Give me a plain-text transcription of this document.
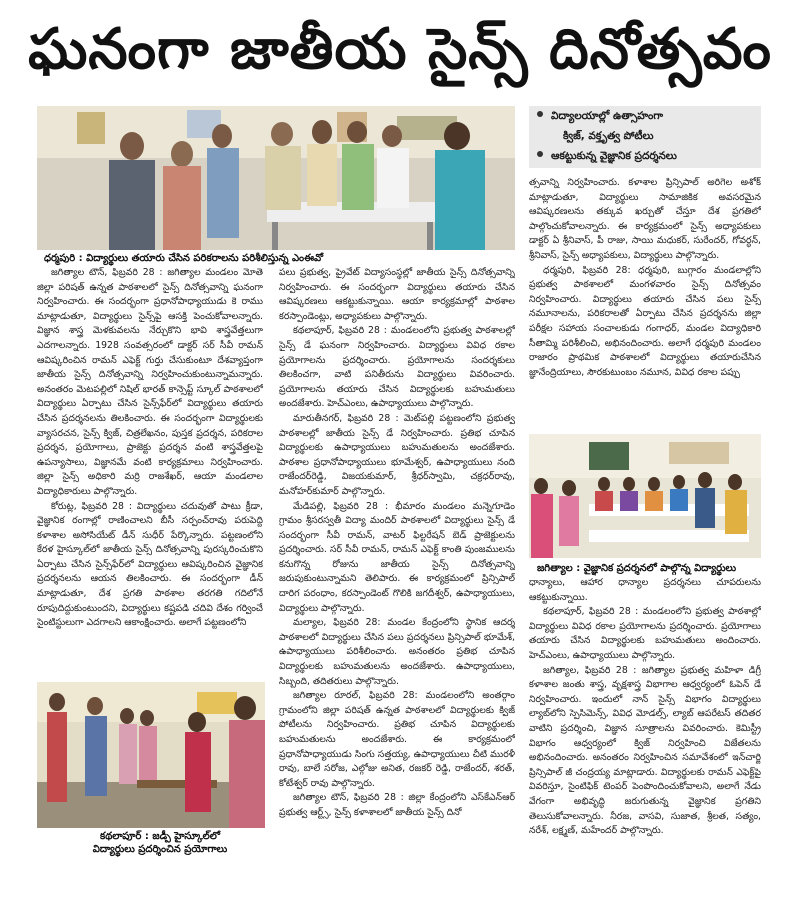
ఘనంగా జాతీయ సైన్స్ దినోత్సవం
ధర్మపురి : విద్యార్థులు తయారు చేసిన పరికరాలను పరిశీలిస్తున్న ఎంఈవో
విద్యాలయాల్లో ఉత్సాహంగా
క్విజ్, వక్తృత్వ పోటీలు
ఆకట్టుకున్న వైజ్ఞానిక ప్రదర్శనలు

జగిత్యాల టౌన్, ఫిబ్రవరి 28 : జగిత్యాల మండలం మోతె జిల్లా పరిషత్ ఉన్నత పాఠశాలలో సైన్స్ దినోత్సవాన్ని ఘనంగా నిర్వహించారు. ఈ సందర్భంగా ప్రధానోపాధ్యాయుడు కె రాము మాట్లాడుతూ, విద్యార్థులు సైన్స్‌పై ఆసక్తి పెంచుకోవాలన్నారు. విజ్ఞాన శాస్త్ర మెళకువలను నేర్చుకొని భావి శాస్త్రవేత్తలుగా ఎదగాలన్నారు. 1928 సంవత్సరంలో డాక్టర్ సర్ సీవీ రామన్ ఆవిష్కరించిన రామన్ ఎఫెక్ట్ గుర్తు చేసుకుంటూ దేశవ్యాప్తంగా జాతీయ సైన్స్ దినోత్సవాన్ని నిర్వహించుకుంటున్నామన్నారు. అనంతరం మెటపల్లిలో నిషిల్ భారత్ కాన్సెప్ట్ స్కూల్ పాఠశాలలో విద్యార్థులు ఏర్పాటు చేసిన సైన్స్‌ఫేర్‌లో విద్యార్థులు తయారు చేసిన ప్రదర్శనలను తిలకించారు. ఈ సందర్భంగా విద్యార్థులకు వ్యాసరచన, సైన్స్ క్విజ్, చిత్రలేఖనం, పుస్తక ప్రదర్శన, పరికరాల ప్రదర్శన, ప్రయోగాలు, ప్రాజెక్టు ప్రదర్శన వంటి శాస్త్రవేత్తలపై ఉపన్యాసాలు, విజ్ఞానమే వంటి కార్యక్రమాలు నిర్వహించారు. జిల్లా సైన్స్ అధికారి మర్రి రాజశేఖర్, ఆయా మండలాల విద్యాధికారులు పాల్గొన్నారు.

కోరుట్ల, ఫిబ్రవరి 28 : విద్యార్థులు చదువుతో పాటు క్రీడా, వైజ్ఞానిక రంగాల్లో రాణించాలని బీసీ సర్పంచ్‌రావు పరుపెద్ది కళాశాల అసోసియేట్ డీన్ సుధీర్ పేర్కొన్నారు. పట్టణంలోని కేరళ హైస్కూల్‌లో జాతీయ సైన్స్ దినోత్సవాన్ని పురస్కరించుకొని ఏర్పాటు చేసిన సైన్స్‌ఫేర్‌లో విద్యార్థులు ఆవిష్కరించిన వైజ్ఞానిక ప్రదర్శనలను ఆయన తిలకించారు. ఈ సందర్భంగా డీన్ మాట్లాడుతూ, దేశ ప్రగతి పాఠశాల తరగతి గదిలోనే రూపుదిద్దుకుంటుందని, విద్యార్థులు కష్టపడి చదివి దేశం గర్వించే సైంటిస్టులుగా ఎదగాలని ఆకాంక్షించారు. అలాగే పట్టణంలోని

కథలాపూర్ : జడ్పీ హైస్కూల్‌లో
విద్యార్థులు ప్రదర్శించిన ప్రయోగాలు

పలు ప్రభుత్వ, ప్రైవేట్ విద్యాసంస్థల్లో జాతీయ సైన్స్ దినోత్సవాన్ని నిర్వహించారు. ఈ సందర్భంగా విద్యార్థులు తయారు చేసిన ఆవిష్కరణలు ఆకట్టుకున్నాయి. ఆయా కార్యక్రమాల్లో పాఠశాల కరస్పాండెంట్లు, అధ్యాపకులు పాల్గొన్నారు.

కథలాపూర్, ఫిబ్రవరి 28 : మండలంలోని ప్రభుత్వ పాఠశాలల్లో సైన్స్ డే ఘనంగా నిర్వహించారు. విద్యార్థులు వివిధ రకాల ప్రయోగాలను ప్రదర్శించారు. ప్రయోగాలను సందర్శకులు తిలకించగా, వాటి పనితీరును విద్యార్థులు వివరించారు. ప్రయోగాలను తయారు చేసిన విద్యార్థులకు బహుమతులు అందజేశారు. హెచ్‌ఎంలు, ఉపాధ్యాయులు పాల్గొన్నారు.

మారుతీనగర్, ఫిబ్రవరి 28 : మెట్‌పల్లి పట్టణంలోని ప్రభుత్వ పాఠశాలల్లో జాతీయ సైన్స్ డే నిర్వహించారు. ప్రతిభ చూపిన విద్యార్థులకు ఉపాధ్యాయులు బహుమతులను అందజేశారు. పాఠశాల ప్రధానోపాధ్యాయులు భూమేశ్వర్, ఉపాధ్యాయులు నంది రాజేందర్‌రెడ్డి, విజయకుమార్, శ్రీధర్‌స్వామి, చక్రధర్‌రావు, మనోహర్‌కుమార్ పాల్గొన్నారు.

మేడిపల్లి, ఫిబ్రవరి 28 : భీమారం మండలం మన్నెగూడెం గ్రామం శ్రీసరస్వతీ విద్యా మందిర్ పాఠశాలలో విద్యార్థులు సైన్స్ డే సందర్భంగా సీవీ రామన్, వాటర్ ఫిల్టరేషన్ బెడ్ ప్రాజెక్టులను ప్రదర్శించారు. సర్ సీవీ రామన్, రామన్ ఎఫెక్ట్ కాంతి పుంజములను కనుగొన్న రోజును జాతీయ సైన్స్ దినోత్సవాన్ని జరుపుకుంటున్నామని తెలిపారు. ఈ కార్యక్రమంలో ప్రిన్సిపాల్ దారిగ పరంధాం, కరస్పాండెంట్ గొలికి జగదీశ్వర్, ఉపాధ్యాయులు, విద్యార్థులు పాల్గొన్నారు.

మల్యాల, ఫిబ్రవరి 28: మండల కేంద్రంలోని స్థానిక ఆదర్శ పాఠశాలలో విద్యార్థులు చేసిన పలు ప్రదర్శనలు ప్రిన్సిపాల్ భూమేశ్, ఉపాధ్యాయులు పరిశీలించారు. అనంతరం ప్రతిభ చూపిన విద్యార్థులకు బహుమతులను అందజేశారు. ఉపాధ్యాయులు, సిబ్బంది, తదితరులు పాల్గొన్నారు.

జగిత్యాల రూరల్, ఫిబ్రవరి 28: మండలంలోని అంతర్గాం గ్రామంలోని జిల్లా పరిషత్ ఉన్నత పాఠశాలలో విద్యార్థులకు క్విజ్ పోటీలను నిర్వహించారు. ప్రతిభ చూపిన విద్యార్థులకు బహుమతులను అందజేశారు. ఈ కార్యక్రమంలో ప్రధానోపాధ్యాయుడు సింగు సత్తయ్య, ఉపాధ్యాయులు చీటి మురళీ రావు, బాలే సరోజ, ఎల్గోజు అనిత, రజకర్ రెడ్డి, రాజేందర్, శరత్, కోటేశ్వర్ రావు పాల్గొన్నారు.

జగిత్యాల టౌన్, ఫిబ్రవరి 28 : జిల్లా కేంద్రంలోని ఎస్‌కేఎన్‌ఆర్ ప్రభుత్వ ఆర్ట్స్, సైన్స్ కళాశాలలో జాతీయ సైన్స్ దినో

త్సవాన్ని నిర్వహించారు. కళాశాల ప్రిన్సిపాల్ అరిగెల అశోక్ మాట్లాడుతూ, విద్యార్థులు సామాజికిక అవసరమైన ఆవిష్కరణలను తక్కువ ఖర్చుతో చేస్తూ దేశ ప్రగతిలో పాల్గొంచుకోవాలన్నారు. ఈ కార్యక్రమంలో సైన్స్ అధ్యాపకులు డాక్టర్ ఏ శ్రీనివాస్, పీ రాజు, సాయి మధుకర్, సురేందర్, గోవర్ధన్, శ్రీనివాస్, సైన్స్ అధ్యాపకులు, విద్యార్థులు పాల్గొన్నారు.

ధర్మపురి, ఫిబ్రవరి 28: ధర్మపురి, బుగ్గారం మండలాల్లోని ప్రభుత్వ పాఠశాలలో మంగళవారం సైన్స్ దినోత్సవం నిర్వహించారు. విద్యార్థులు తయారు చేసిన పలు సైన్స్ నమూనాలను, పరికరాలతో ఏర్పాటు చేసిన ప్రదర్శనను జిల్లా పరీక్షల సహాయ సంచాలకుడు గంగాధర్, మండల విద్యాధికారి సీతామ్మి పరిశీలించి, అభినందించారు. అలాగే ధర్మపురి మండలం రాజారం ప్రాథమిక పాఠశాలలో విద్యార్థులు తయారుచేసిన జ్ఞానేంద్రియాలు, సౌరకుటుంబం నమూన, వివిధ రకాల పప్పు

జగిత్యాల : వైజ్ఞానిక ప్రదర్శనలో పాల్గొన్న విద్యార్థులు

ధాన్యాలు, ఆహార ధాన్యాల ప్రదర్శనలు చూపరులను ఆకట్టుకున్నాయి.

కథలాపూర్, ఫిబ్రవరి 28 : మండలంలోని ప్రభుత్వ పాఠశాల్లో విద్యార్థులు వివిధ రకాల ప్రయోగాలను ప్రదర్శించారు. ప్రయోగాలు తయారు చేసిన విద్యార్థులకు బహుమతులు అందించారు. హెచ్‌ఎంలు, ఉపాధ్యాయులు పాల్గొన్నారు.

జగిత్యాల, ఫిబ్రవరి 28 : జగిత్యాల ప్రభుత్వ మహిళా డిగ్రీ కళాశాల జంతు శాస్త్ర, వృక్షశాస్త్ర విభాగాల ఆధ్వర్యంలో ఓపెన్ డే నిర్వహించారు. ఇందులో నాన్ సైన్స్ విభాగం విద్యార్థులు ల్యాబ్‌లోని స్పెసిమెన్స్, వివిధ మోడల్స్, ల్యాబ్ ఆపరేటస్ తదితర వాటిని ప్రదర్శించి, విజ్ఞాన సూత్రాలను వివరించారు. కెమిస్ట్రీ విభాగం ఆధ్వర్యంలో క్విజ్ నిర్వహించి విజేతలను అభినందించారు. అనంతరం నిర్వహించిన సమావేశంలో ఇన్‌చార్జి ప్రిన్సిపాల్ జీ చంద్రయ్య మాట్లాడారు. విద్యార్థులకు రామన్ ఎఫెక్ట్‌పై వివరిస్తూ, సైంటిఫిక్ టెంపర్ పెంపొందించుకోవాలని, అలాగే నేడు వేగంగా అభివృద్ధి జరుగుతున్న వైజ్ఞానిక ప్రగతిని తెలుసుకోవాలన్నారు. నీరజ, వాసవి, సుజాత, శ్రీలత, సత్యం, నరేశ్, లక్ష్మణ్, మహేందర్ పాల్గొన్నారు.
